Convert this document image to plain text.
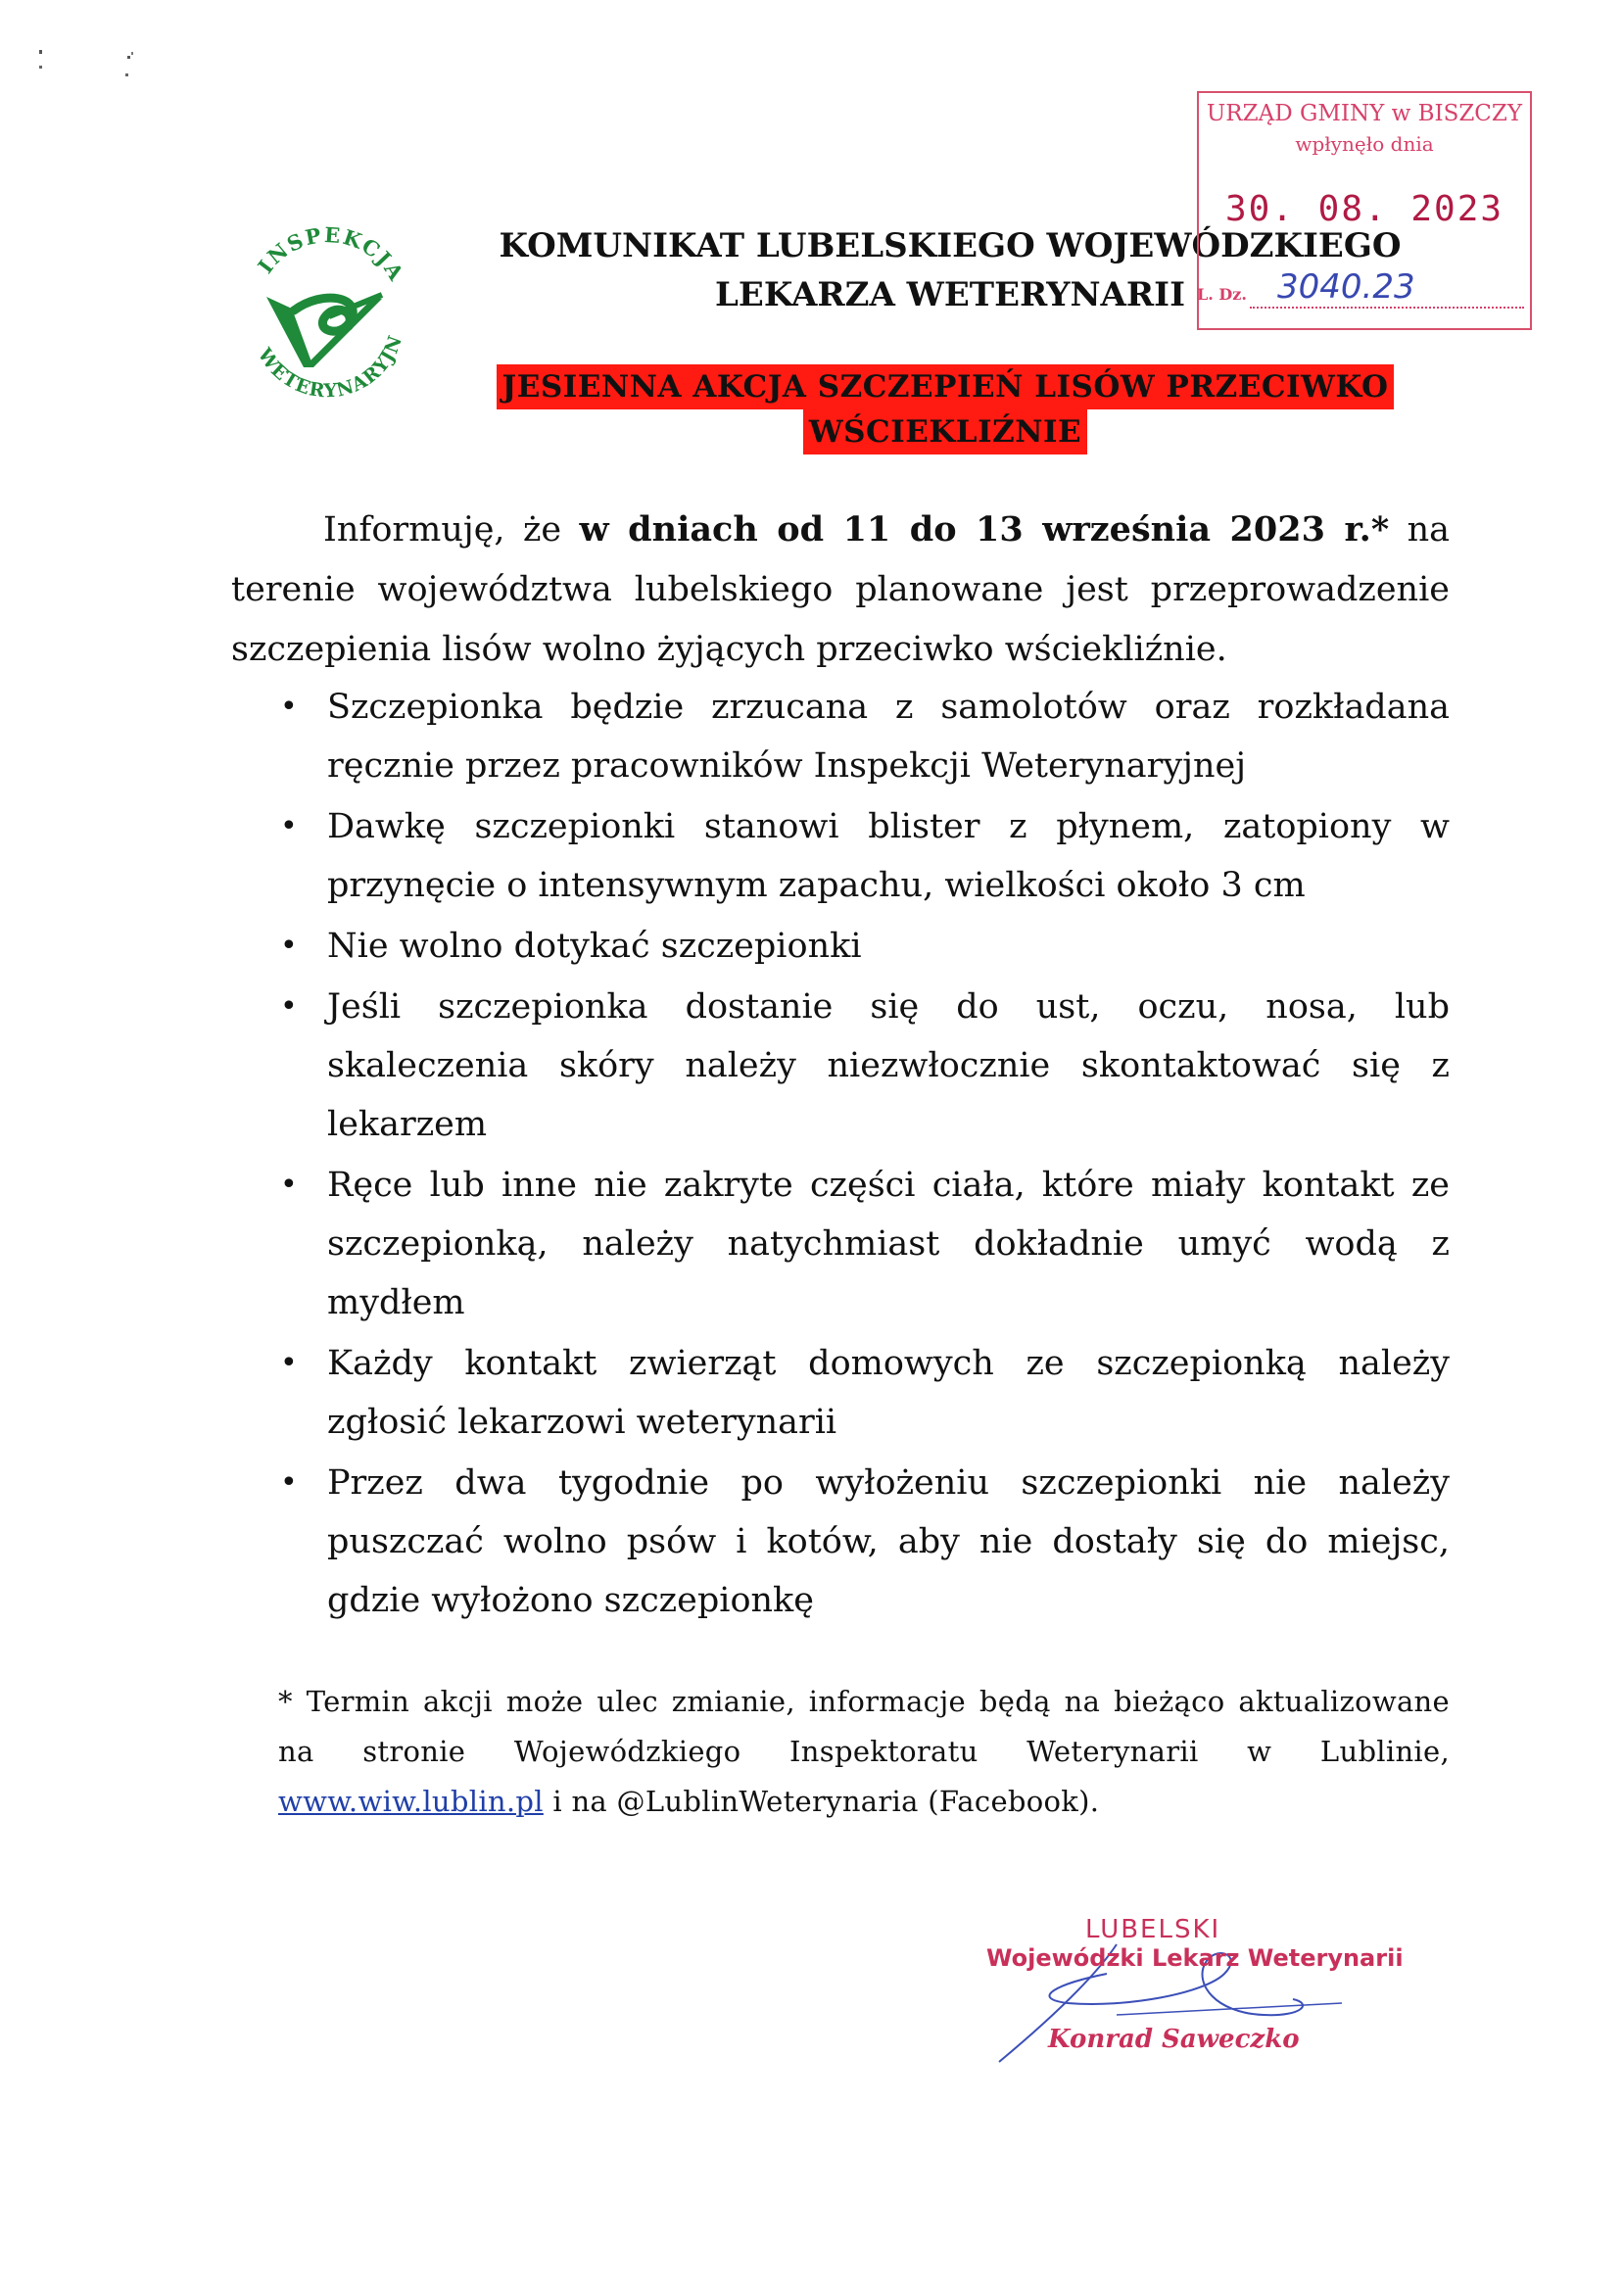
INSPEKCJA
WETERYNARYJN
KOMUNIKAT LUBELSKIEGO WOJEWÓDZKIEGO
LEKARZA WETERYNARII
JESIENNA AKCJA SZCZEPIEŃ LISÓW PRZECIWKO
WŚCIEKLIŹNIE
Informuję, że w dniach od 11 do 13 września 2023 r.* na terenie województwa lubelskiego planowane jest przeprowadzenie szczepienia lisów wolno żyjących przeciwko wściekliźnie.
• Szczepionka będzie zrzucana z samolotów oraz rozkładana ręcznie przez pracowników Inspekcji Weterynaryjnej
• Dawkę szczepionki stanowi blister z płynem, zatopiony w przynęcie o intensywnym zapachu, wielkości około 3 cm
• Nie wolno dotykać szczepionki
• Jeśli szczepionka dostanie się do ust, oczu, nosa, lub skaleczenia skóry należy niezwłocznie skontaktować się z lekarzem
• Ręce lub inne nie zakryte części ciała, które miały kontakt ze szczepionką, należy natychmiast dokładnie umyć wodą z mydłem
• Każdy kontakt zwierząt domowych ze szczepionką należy zgłosić lekarzowi weterynarii
• Przez dwa tygodnie po wyłożeniu szczepionki nie należy puszczać wolno psów i kotów, aby nie dostały się do miejsc, gdzie wyłożono szczepionkę
* Termin akcji może ulec zmianie, informacje będą na bieżąco aktualizowane na stronie Wojewódzkiego Inspektoratu Weterynarii w Lublinie, www.wiw.lublin.pl i na @LublinWeterynaria (Facebook).
URZĄD GMINY w BISZCZY
wpłynęło dnia
30. 08. 2023
L. Dz. 3040.23
LUBELSKI
Wojewódzki Lekarz Weterynarii
Konrad Saweczko
